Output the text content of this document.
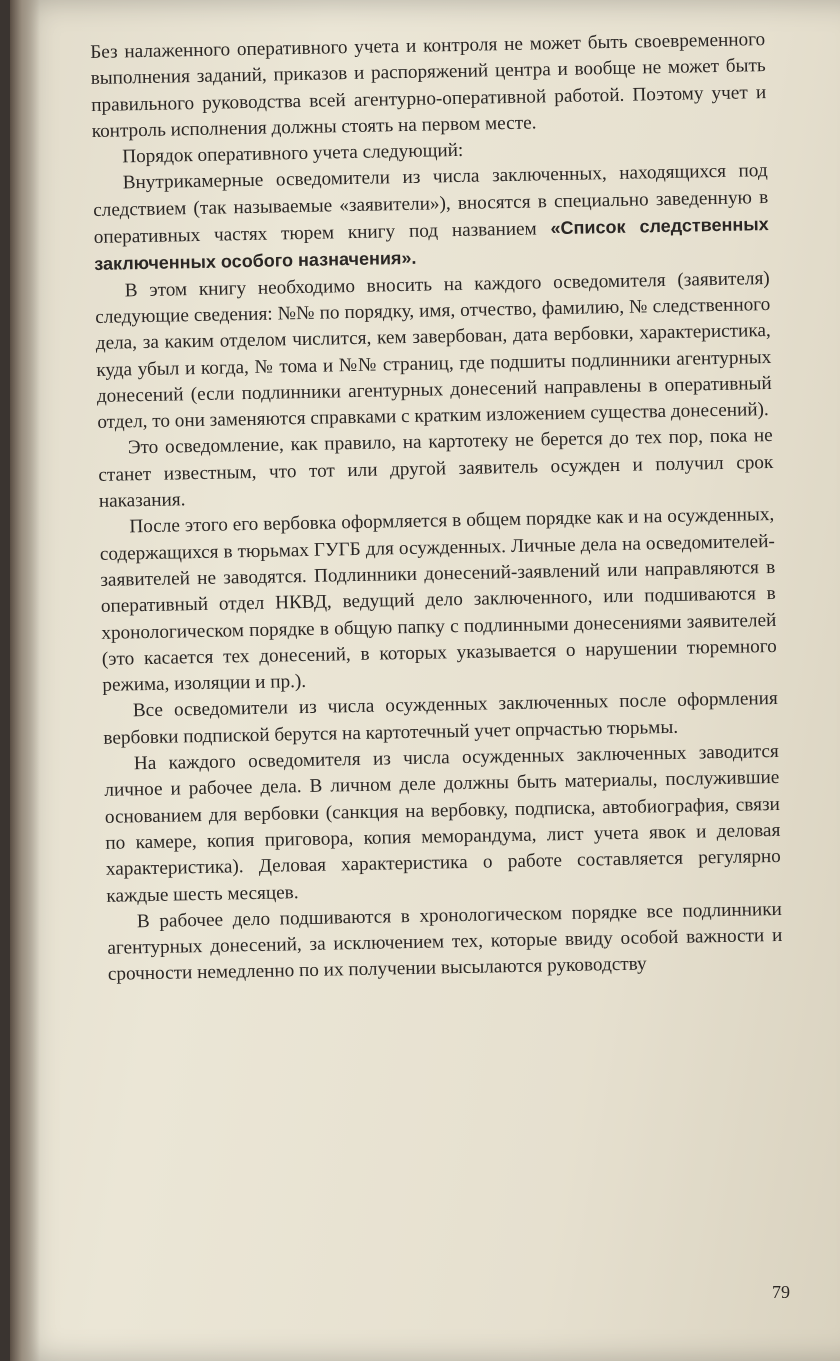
Без налаженного оперативного учета и контроля не может быть своевременного выполнения заданий, приказов и распоряжений центра и вообще не может быть правильного руководства всей агентурно-оперативной работой. Поэтому учет и контроль исполнения должны стоять на первом месте.

Порядок оперативного учета следующий:

Внутрикамерные осведомители из числа заключенных, находящихся под следствием (так называемые «заявители»), вносятся в специально заведенную в оперативных частях тюрем книгу под названием «Список следственных заключенных особого назначения».

В этом книгу необходимо вносить на каждого осведомителя (заявителя) следующие сведения: №№ по порядку, имя, отчество, фамилию, № следственного дела, за каким отделом числится, кем завербован, дата вербовки, характеристика, куда убыл и когда, № тома и №№ страниц, где подшиты подлинники агентурных донесений (если подлинники агентурных донесений направлены в оперативный отдел, то они заменяются справками с кратким изложением существа донесений).

Это осведомление, как правило, на картотеку не берется до тех пор, пока не станет известным, что тот или другой заявитель осужден и получил срок наказания.

После этого его вербовка оформляется в общем порядке как и на осужденных, содержащихся в тюрьмах ГУГБ для осужденных. Личные дела на осведомителей-заявителей не заводятся. Подлинники донесений-заявлений или направляются в оперативный отдел НКВД, ведущий дело заключенного, или подшиваются в хронологическом порядке в общую папку с подлинными донесениями заявителей (это касается тех донесений, в которых указывается о нарушении тюремного режима, изоляции и пр.).

Все осведомители из числа осужденных заключенных после оформления вербовки подпиской берутся на картотечный учет опрчастью тюрьмы.

На каждого осведомителя из числа осужденных заключенных заводится личное и рабочее дела. В личном деле должны быть материалы, послужившие основанием для вербовки (санкция на вербовку, подписка, автобиография, связи по камере, копия приговора, копия меморандума, лист учета явок и деловая характеристика). Деловая характеристика о работе составляется регулярно каждые шесть месяцев.

В рабочее дело подшиваются в хронологическом порядке все подлинники агентурных донесений, за исключением тех, которые ввиду особой важности и срочности немедленно по их получении высылаются руководству

79
